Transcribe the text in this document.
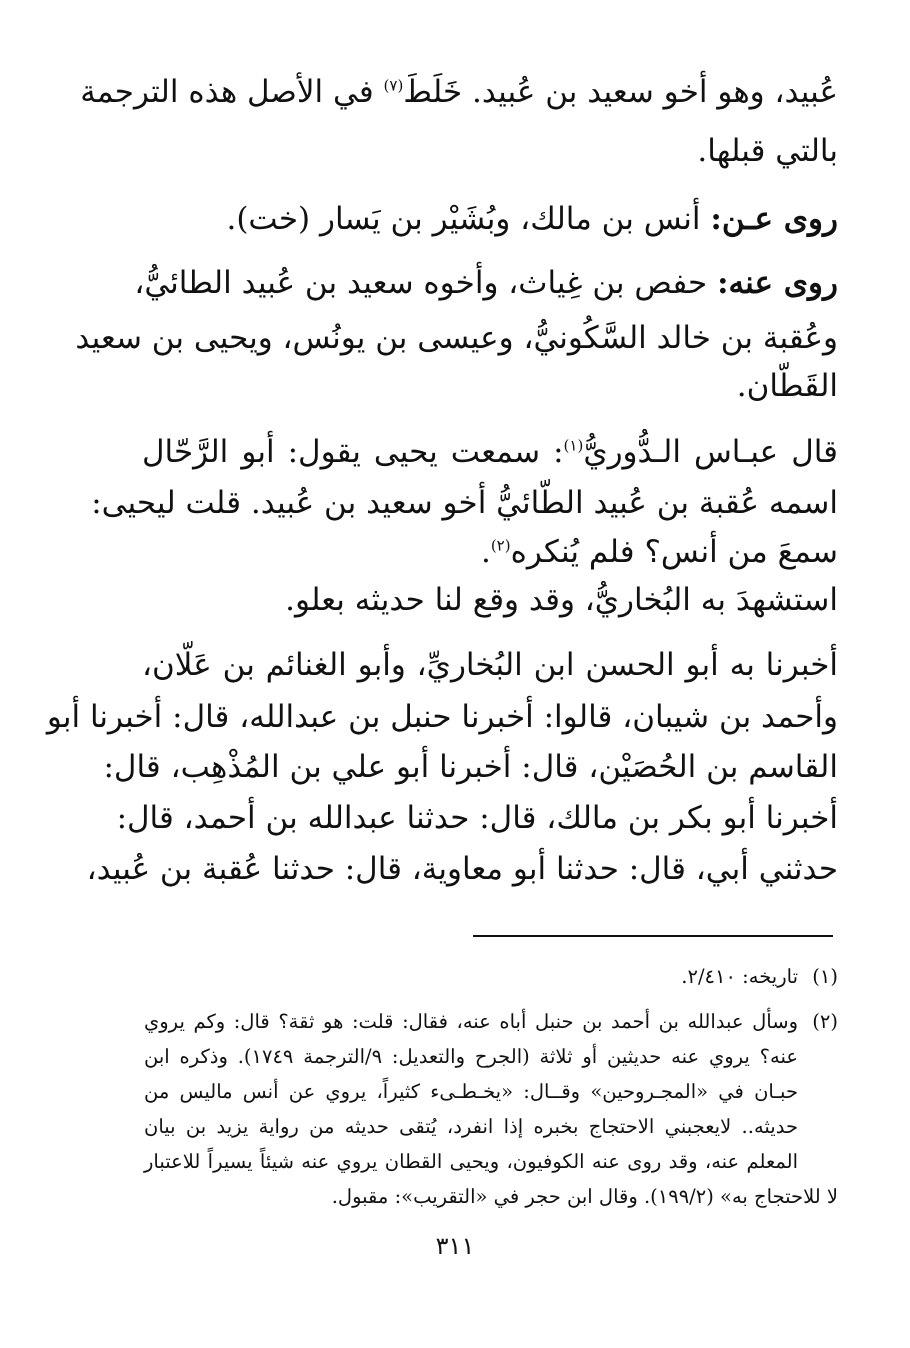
عُبيد، وهو أخو سعيد بن عُبيد. خَلَطَ$^{(٧)}$ في الأصل هذه الترجمة
بالتي قبلها.
روى عـن: أنس بن مالك، وبُشَيْر بن يَسار (خت).
روى عنه: حفص بن غِياث، وأخوه سعيد بن عُبيد الطائيُّ،
وعُقبة بن خالد السَّكُونيُّ، وعيسى بن يونُس، ويحيى بن سعيد
القَطّان.
قال عبـاس الـدُّوريُّ$^{(١)}$: سمعت يحيى يقول: أبو الرَّحّال
اسمه عُقبة بن عُبيد الطّائيُّ أخو سعيد بن عُبيد. قلت ليحيى:
سمعَ من أنس؟ فلم يُنكره$^{(٢)}$.
استشهدَ به البُخاريُّ، وقد وقع لنا حديثه بعلو.
أخبرنا به أبو الحسن ابن البُخاريِّ، وأبو الغنائم بن عَلّان،
وأحمد بن شيبان، قالوا: أخبرنا حنبل بن عبدالله، قال: أخبرنا أبو
القاسم بن الحُصَيْن، قال: أخبرنا أبو علي بن المُذْهِب، قال:
أخبرنا أبو بكر بن مالك، قال: حدثنا عبدالله بن أحمد، قال:
حدثني أبي، قال: حدثنا أبو معاوية، قال: حدثنا عُقبة بن عُبيد،
(١)تاريخه: ٢/٤١٠.
(٢)وسأل عبدالله بن أحمد بن حنبل أباه عنه، فقال: قلت: هو ثقة؟ قال: وكم يروي
عنه؟ يروي عنه حديثين أو ثلاثة (الجرح والتعديل: ٩/الترجمة ١٧٤٩). وذكره ابن
حبـان في «المجـروحين» وقــال: «يخـطـىء كثيراً، يروي عن أنس ماليس من
حديثه.. لايعجبني الاحتجاج بخبره إذا انفرد، يُتقى حديثه من رواية يزيد بن بيان
المعلم عنه، وقد روى عنه الكوفيون، ويحيى القطان يروي عنه شيئاً يسيراً للاعتبار
لا للاحتجاج به» (١٩٩/٢). وقال ابن حجر في «التقريب»: مقبول.
٣١١
